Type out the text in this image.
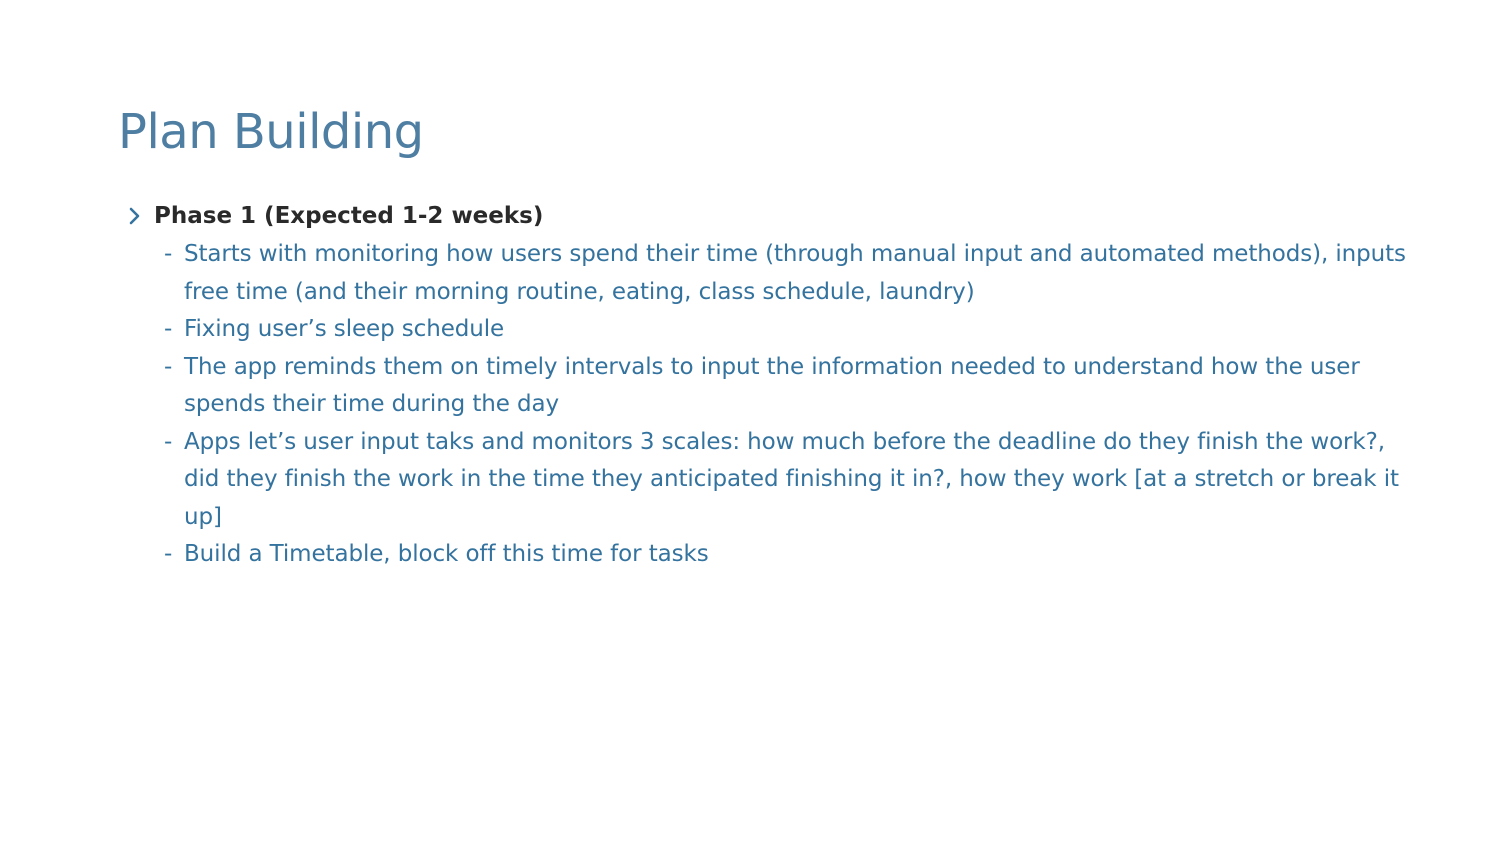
Plan Building
Phase 1 (Expected 1-2 weeks)
- Starts with monitoring how users spend their time (through manual input and automated methods), inputs free time (and their morning routine, eating, class schedule, laundry)
- Fixing user’s sleep schedule
- The app reminds them on timely intervals to input the information needed to understand how the user spends their time during the day
- Apps let’s user input taks and monitors 3 scales: how much before the deadline do they finish the work?, did they finish the work in the time they anticipated finishing it in?, how they work [at a stretch or break it up]
- Build a Timetable, block off this time for tasks
